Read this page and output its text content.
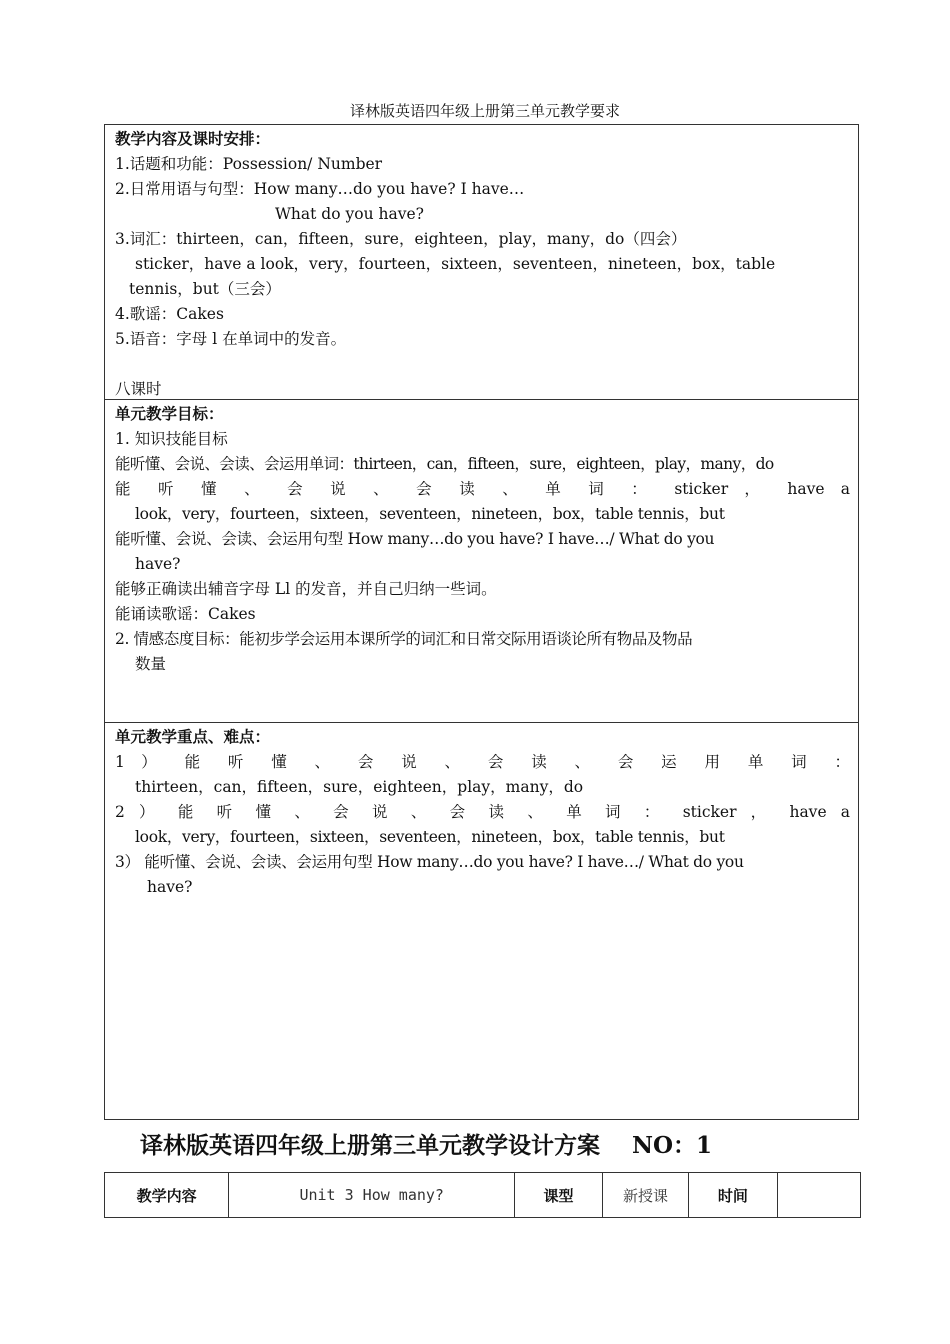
译林版英语四年级上册第三单元教学要求
教学内容及课时安排：
1.话题和功能：Possession/ Number
2.日常用语与句型：How many…do you have? I have…
What do you have?
3.词汇：thirteen，can，fifteen，sure，eighteen，play，many，do（四会）
sticker，have a look，very，fourteen，sixteen，seventeen，nineteen，box，table
tennis，but（三会）
4.歌谣：Cakes
5.语音：字母 l 在单词中的发音。

八课时
单元教学目标：
1. 知识技能目标
能听懂、会说、会读、会运用单词：thirteen，can，fifteen，sure，eighteen，play，many，do
能 听 懂 、 会 说 、 会 读 、 单 词 ： sticker ， have a
look，very，fourteen，sixteen，seventeen，nineteen，box，table tennis，but
能听懂、会说、会读、会运用句型 How many…do you have? I have…/ What do you
have?
能够正确读出辅音字母 Ll 的发音，并自己归纳一些词。
能诵读歌谣：Cakes
2. 情感态度目标：能初步学会运用本课所学的词汇和日常交际用语谈论所有物品及物品
数量
单元教学重点、难点：
1 ） 能 听 懂 、 会 说 、 会 读 、 会 运 用 单 词 ：
thirteen，can，fifteen，sure，eighteen，play，many，do
2 ） 能 听 懂 、 会 说 、 会 读 、 单 词 ： sticker ， have a
look，very，fourteen，sixteen，seventeen，nineteen，box，table tennis，but
3） 能听懂、会说、会读、会运用句型 How many…do you have? I have…/ What do you
have?
译林版英语四年级上册第三单元教学设计方案 NO：1
教学内容	Unit 3 How many?	课型	新授课	时间	
